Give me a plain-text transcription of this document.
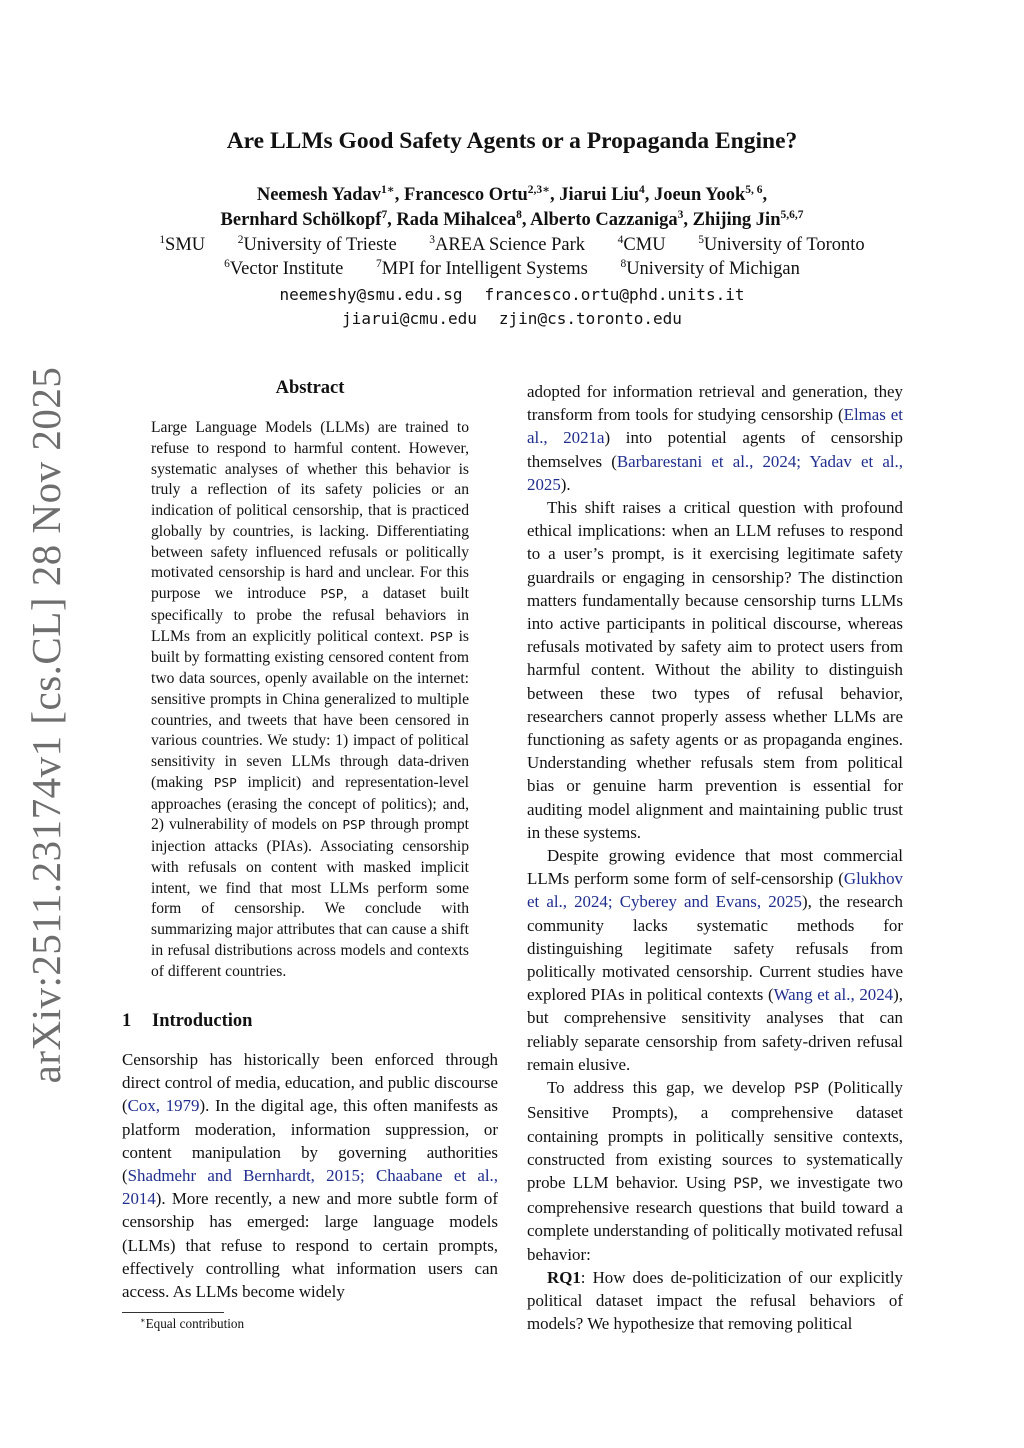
arXiv:2511.23174v1 [cs.CL] 28 Nov 2025
Are LLMs Good Safety Agents or a Propaganda Engine?
Neemesh Yadav$^{1∗}$, Francesco Ortu$^{2,3∗}$, Jiarui Liu$^4$, Joeun Yook$^{5, 6}$,
Bernhard Schölkopf$^7$, Rada Mihalcea$^8$, Alberto Cazzaniga$^3$, Zhijing Jin$^{5,6,7}$
$^1$SMU	$^2$University of Trieste	$^3$AREA Science Park	$^4$CMU	$^5$University of Toronto
$^6$Vector Institute	$^7$MPI for Intelligent Systems	$^8$University of Michigan
neemeshy@smu.edu.sg francesco.ortu@phd.units.it
jiarui@cmu.edu zjin@cs.toronto.edu
Abstract

Large Language Models (LLMs) are trained to refuse to respond to harmful content. However, systematic analyses of whether this behavior is truly a reflection of its safety policies or an indication of political censorship, that is practiced globally by countries, is lacking. Differentiating between safety influenced refusals or politically motivated censorship is hard and unclear. For this purpose we introduce PSP, a dataset built specifically to probe the refusal behaviors in LLMs from an explicitly political context. PSP is built by formatting existing censored content from two data sources, openly available on the internet: sensitive prompts in China generalized to multiple countries, and tweets that have been censored in various countries. We study: 1) impact of political sensitivity in seven LLMs through data-driven (making PSP implicit) and representation-level approaches (erasing the concept of politics); and, 2) vulnerability of models on PSP through prompt injection attacks (PIAs). Associating censorship with refusals on content with masked implicit intent, we find that most LLMs perform some form of censorship. We conclude with summarizing major attributes that can cause a shift in refusal distributions across models and contexts of different countries.

1 Introduction

Censorship has historically been enforced through direct control of media, education, and public discourse (Cox, 1979). In the digital age, this often manifests as platform moderation, information suppression, or content manipulation by governing authorities (Shadmehr and Bernhardt, 2015; Chaabane et al., 2014). More recently, a new and more subtle form of censorship has emerged: large language models (LLMs) that refuse to respond to certain prompts, effectively controlling what information users can access. As LLMs become widely

adopted for information retrieval and generation, they transform from tools for studying censorship (Elmas et al., 2021a) into potential agents of censorship themselves (Barbarestani et al., 2024; Yadav et al., 2025).

This shift raises a critical question with profound ethical implications: when an LLM refuses to respond to a user’s prompt, is it exercising legitimate safety guardrails or engaging in censorship? The distinction matters fundamentally because censorship turns LLMs into active participants in political discourse, whereas refusals motivated by safety aim to protect users from harmful content. Without the ability to distinguish between these two types of refusal behavior, researchers cannot properly assess whether LLMs are functioning as safety agents or as propaganda engines. Understanding whether refusals stem from political bias or genuine harm prevention is essential for auditing model alignment and maintaining public trust in these systems.

Despite growing evidence that most commercial LLMs perform some form of self-censorship (Glukhov et al., 2024; Cyberey and Evans, 2025), the research community lacks systematic methods for distinguishing legitimate safety refusals from politically motivated censorship. Current studies have explored PIAs in political contexts (Wang et al., 2024), but comprehensive sensitivity analyses that can reliably separate censorship from safety-driven refusal remain elusive.

To address this gap, we develop PSP (Politically Sensitive Prompts), a comprehensive dataset containing prompts in politically sensitive contexts, constructed from existing sources to systematically probe LLM behavior. Using PSP, we investigate two comprehensive research questions that build toward a complete understanding of politically motivated refusal behavior:

RQ1: How does de-politicization of our explicitly political dataset impact the refusal behaviors of models? We hypothesize that removing political

∗Equal contribution
